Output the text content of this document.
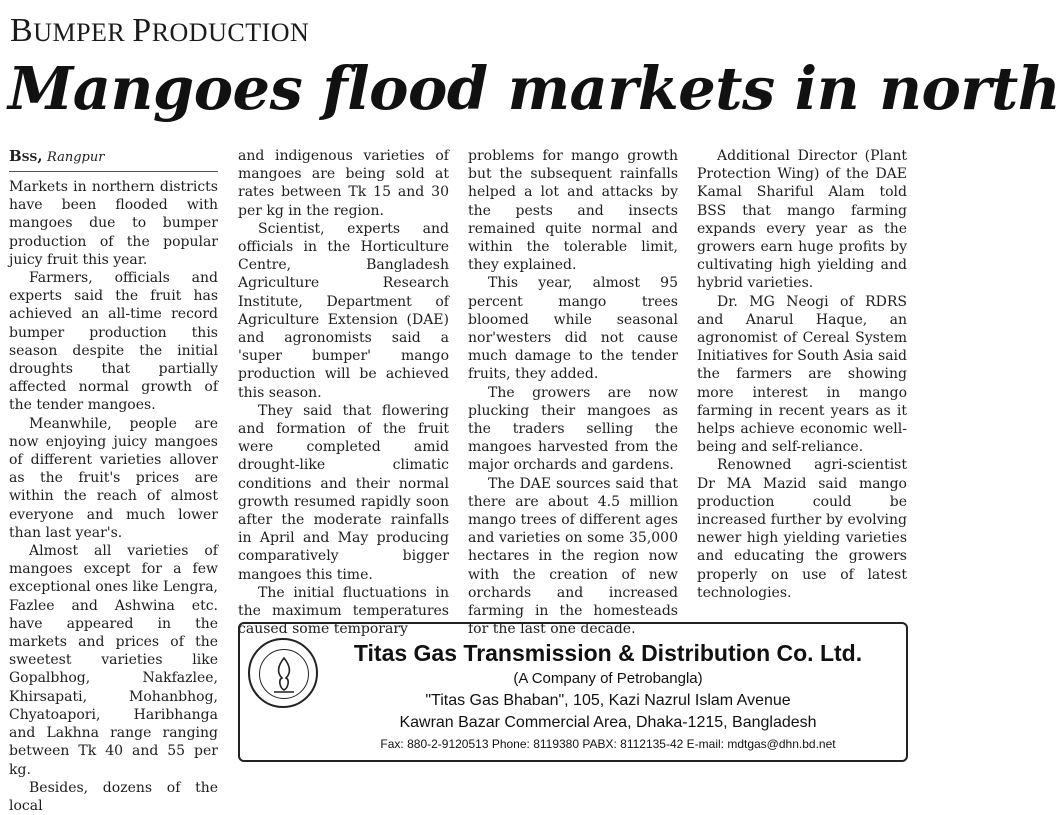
BUMPER PRODUCTION
Mangoes flood markets in north
Bss, Rangpur

Markets in northern districts have been flooded with mangoes due to bumper production of the popular juicy fruit this year.

Farmers, officials and experts said the fruit has achieved an all-time record bumper production this season despite the initial droughts that partially affected normal growth of the tender mangoes.

Meanwhile, people are now enjoying juicy mangoes of different varieties allover as the fruit's prices are within the reach of almost everyone and much lower than last year's.

Almost all varieties of mangoes except for a few exceptional ones like Lengra, Fazlee and Ashwina etc. have appeared in the markets and prices of the sweetest varieties like Gopalbhog, Nakfazlee, Khirsapati, Mohanbhog, Chyatoapori, Haribhanga and Lakhna range ranging between Tk 40 and 55 per kg.

Besides, dozens of the local

and indigenous varieties of mangoes are being sold at rates between Tk 15 and 30 per kg in the region.

Scientist, experts and officials in the Horticulture Centre, Bangladesh Agriculture Research Institute, Department of Agriculture Extension (DAE) and agronomists said a 'super bumper' mango production will be achieved this season.

They said that flowering and formation of the fruit were completed amid drought-like climatic conditions and their normal growth resumed rapidly soon after the moderate rainfalls in April and May producing comparatively bigger mangoes this time.

The initial fluctuations in the maximum temperatures caused some temporary

problems for mango growth but the subsequent rainfalls helped a lot and attacks by the pests and insects remained quite normal and within the tolerable limit, they explained.

This year, almost 95 percent mango trees bloomed while seasonal nor'westers did not cause much damage to the tender fruits, they added.

The growers are now plucking their mangoes as the traders selling the mangoes harvested from the major orchards and gardens.

The DAE sources said that there are about 4.5 million mango trees of different ages and varieties on some 35,000 hectares in the region now with the creation of new orchards and increased farming in the homesteads for the last one decade.

Additional Director (Plant Protection Wing) of the DAE Kamal Shariful Alam told BSS that mango farming expands every year as the growers earn huge profits by cultivating high yielding and hybrid varieties.

Dr. MG Neogi of RDRS and Anarul Haque, an agronomist of Cereal System Initiatives for South Asia said the farmers are showing more interest in mango farming in recent years as it helps achieve economic well-being and self-reliance.

Renowned agri-scientist Dr MA Mazid said mango production could be increased further by evolving newer high yielding varieties and educating the growers properly on use of latest technologies.

Titas Gas Transmission & Distribution Co. Ltd.
(A Company of Petrobangla)
"Titas Gas Bhaban", 105, Kazi Nazrul Islam Avenue
Kawran Bazar Commercial Area, Dhaka-1215, Bangladesh
Fax: 880-2-9120513 Phone: 8119380 PABX: 8112135-42 E-mail: mdtgas@dhn.bd.net
